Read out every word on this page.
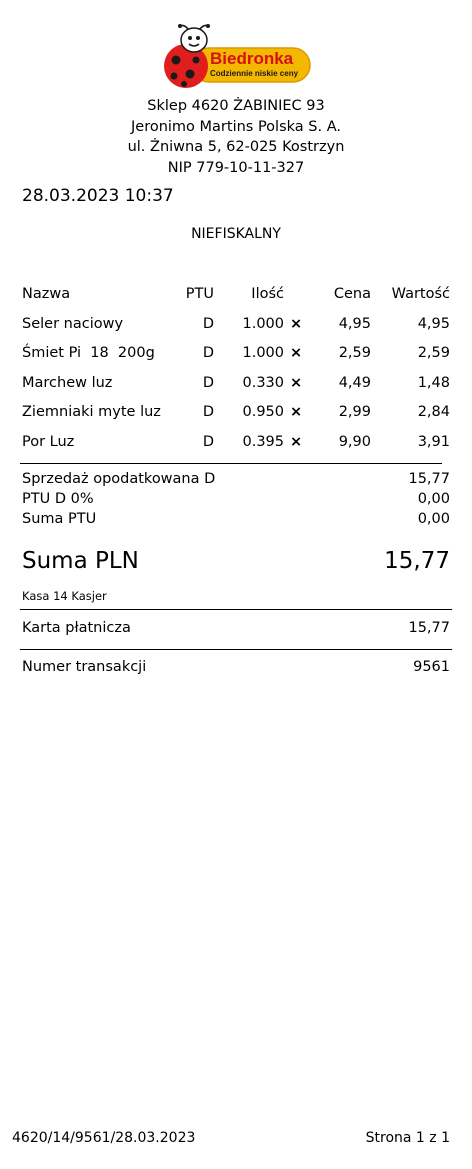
Biedronka
Codziennie niskie ceny
Sklep 4620 ŻABINIEC 93
Jeronimo Martins Polska S. A.
ul. Żniwna 5, 62-025 Kostrzyn
NIP 779-10-11-327
28.03.2023 10:37
NIEFISKALNY
Nazwa	PTU	Ilość	Cena Wartość
Seler naciowy	D 1.000 ×	4,95	4,95
Śmiet Pi  18  200g	D 1.000 ×	2,59	2,59
Marchew luz	D 0.330 ×	4,49	1,48
Ziemniaki myte luz	D 0.950 ×	2,99	2,84
Por Luz	D 0.395 ×	9,90	3,91
Sprzedaż opodatkowana D	15,77
PTU D 0%	0,00
Suma PTU	0,00
Suma PLN	15,77
Kasa 14 Kasjer
Karta płatnicza	15,77
Numer transakcji	9561
4620/14/9561/28.03.2023	Strona 1 z 1
